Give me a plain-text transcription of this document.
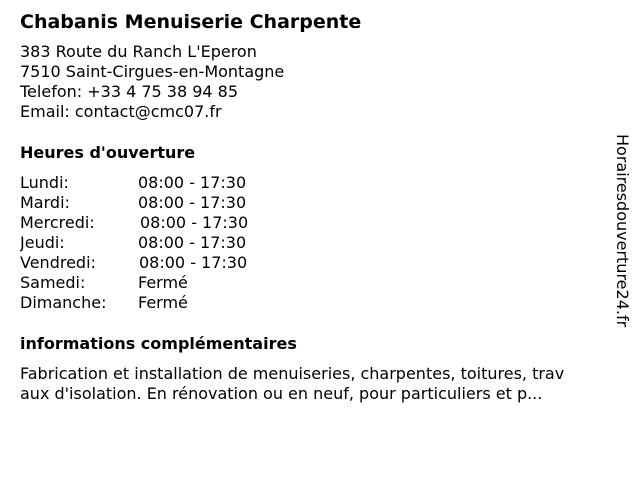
Chabanis Menuiserie Charpente
383 Route du Ranch L'Eperon
7510 Saint-Cirgues-en-Montagne
Telefon: +33 4 75 38 94 85
Email: contact@cmc07.fr
Heures d'ouverture
Lundi:	08:00 - 17:30
Mardi:	08:00 - 17:30
Mercredi:	08:00 - 17:30
Jeudi:	08:00 - 17:30
Vendredi:	08:00 - 17:30
Samedi:	Fermé
Dimanche: Fermé
informations complémentaires
Fabrication et installation de menuiseries, charpentes, toitures, trav
aux d'isolation. En rénovation ou en neuf, pour particuliers et p...
Horairesdouverture24.fr
